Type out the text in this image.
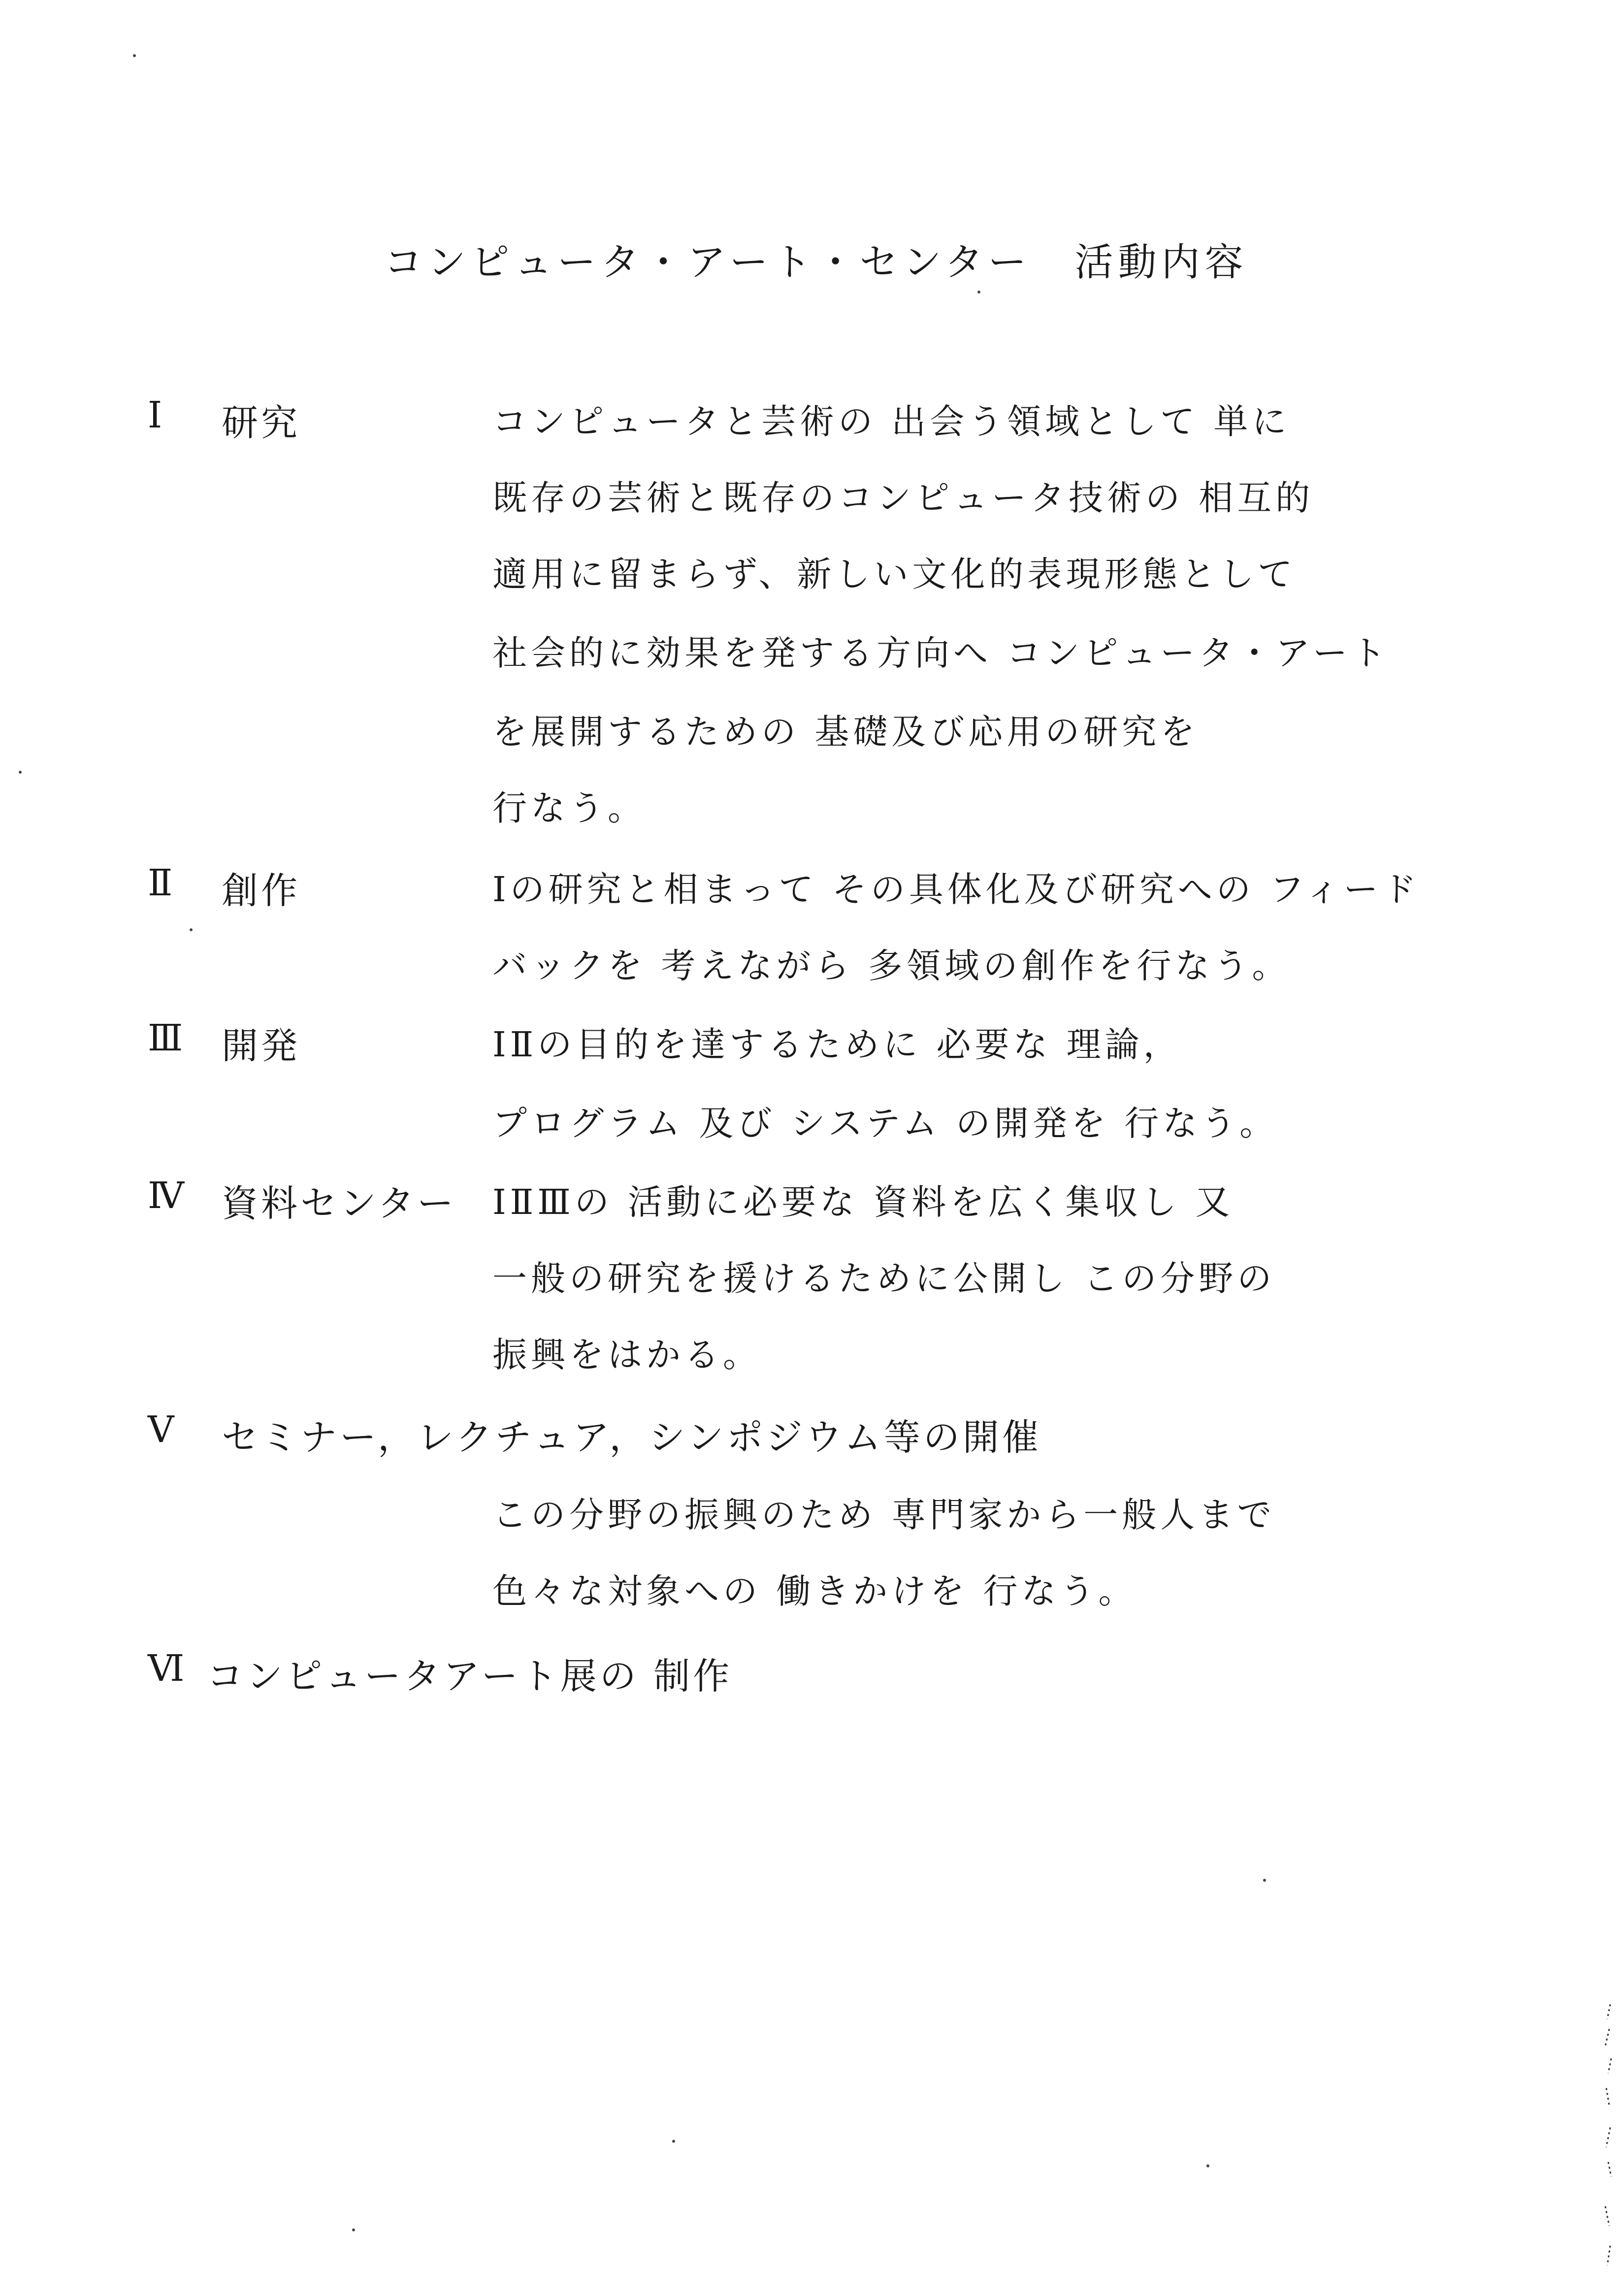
コンピュータ・アート・センター　活動内容
Ⅰ 研究	コンピュータと芸術の 出会う領域として 単に
既存の芸術と既存のコンピュータ技術の 相互的
適用に留まらず、新しい文化的表現形態として
社会的に効果を発する方向へ コンピュータ・アート
を展開するための 基礎及び応用の研究を
行なう。
Ⅱ 創作	Ⅰの研究と相まって その具体化及び研究への フィード
バックを 考えながら 多領域の創作を行なう。
Ⅲ 開発	ⅠⅡの目的を達するために 必要な 理論，
プログラム 及び システム の開発を 行なう。
Ⅳ 資料センター ⅠⅡⅢの 活動に必要な 資料を広く集収し 又
一般の研究を援けるために公開し この分野の
振興をはかる。
Ⅴ セミナー，レクチュア，シンポジウム等の開催
この分野の振興のため 専門家から一般人まで
色々な対象への 働きかけを 行なう。
Ⅵ コンピュータアート展の 制作
